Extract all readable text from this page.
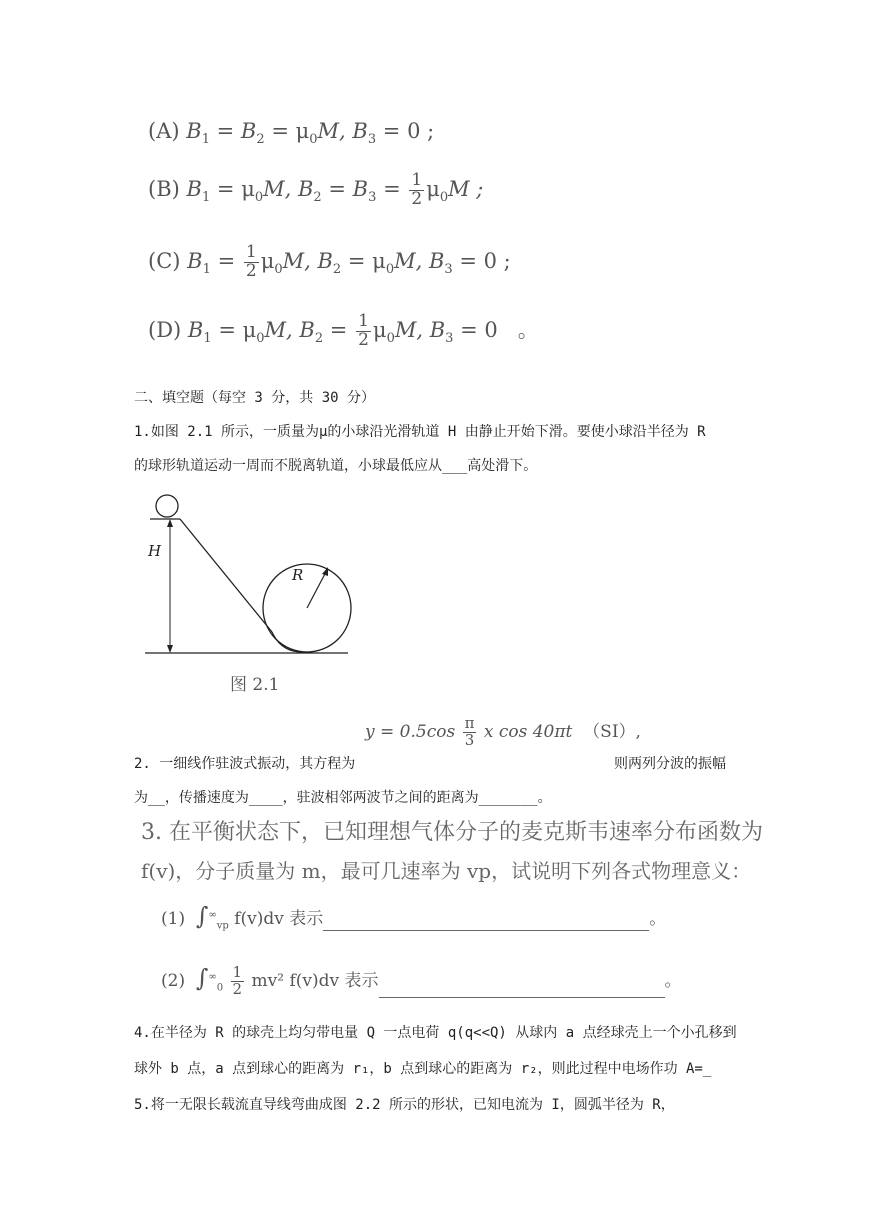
(A) $B_1 = B_2 = \mu_0M$, $B_3 = 0$ ;
(B) $B_1 = \mu_0M$, $B_2 = B_3 = \frac{1}{2} \mu_0M$ ;
(C) $B_1 = \frac{1}{2} \mu_0M$, $B_2 = \mu_0M$, $B_3 = 0$ ;
(D) $B_1 = \mu_0M$, $B_2 = \frac{1}{2} \mu_0M$, $B_3 = 0$ 。
二、填空题（每空 3 分，共 30 分）
1.如图 2.1 所示，一质量为μ的小球沿光滑轨道 H 由静止开始下滑。要使小球沿半径为 R
的球形轨道运动一周而不脱离轨道，小球最低应从___高处滑下。
H
R
图 2.1
$y = 0.5\cos \frac{\pi}{3}$ x cos 40πt （SI）,
2. 一细线作驻波式振动，其方程为	则两列分波的振幅
为__，传播速度为____，驻波相邻两波节之间的距离为_______。
3. 在平衡状态下，已知理想气体分子的麦克斯韦速率分布函数为
f(v)，分子质量为 m，最可几速率为 vp，试说明下列各式物理意义：
(1) $\int^\infty_{vp}$ f(v)dv 表示	。
(2) $\int^\infty_0 \frac{1}{2} mv^2$ f(v)dv 表示	。
4.在半径为 R 的球壳上均匀带电量 Q 一点电荷 q(q<<Q) 从球内 a 点经球壳上一个小孔移到
球外 b 点，a 点到球心的距离为 r₁，b 点到球心的距离为 r₂，则此过程中电场作功 A=_
5.将一无限长载流直导线弯曲成图 2.2 所示的形状，已知电流为 I，圆弧半径为 R，
